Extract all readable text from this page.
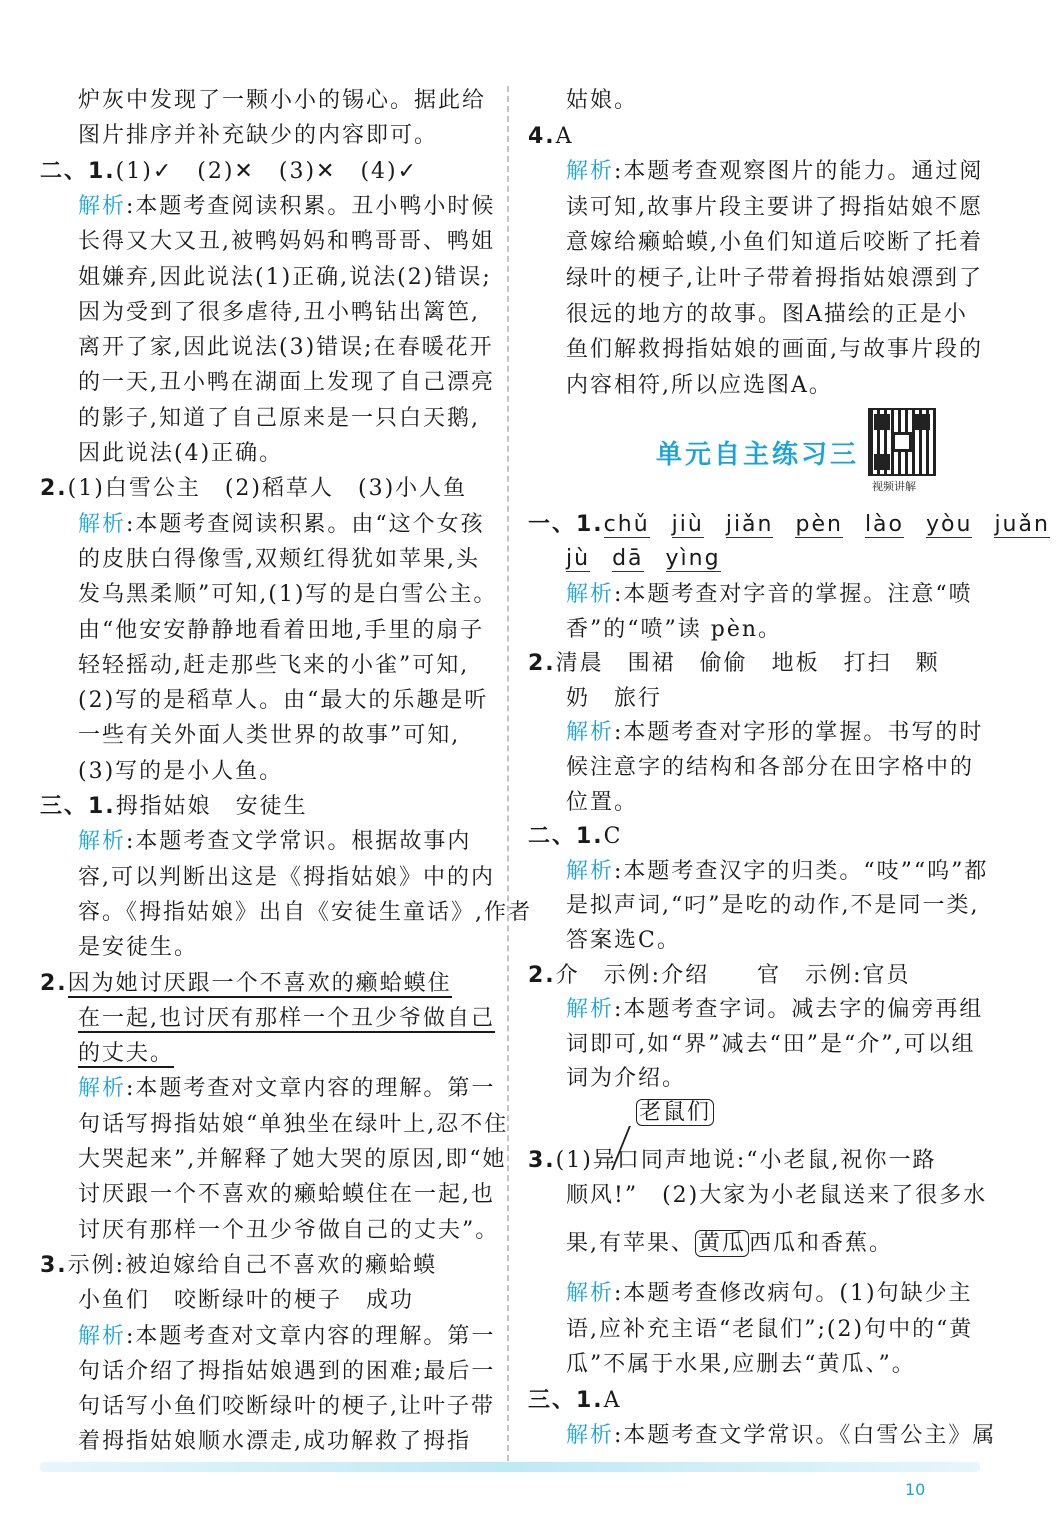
炉灰中发现了一颗小小的锡心。据此给
图片排序并补充缺少的内容即可。
二、1.(1)✓　(2)✕　(3)✕　(4)✓
解析:本题考查阅读积累。丑小鸭小时候
长得又大又丑,被鸭妈妈和鸭哥哥、鸭姐
姐嫌弃,因此说法(1)正确,说法(2)错误;
因为受到了很多虐待,丑小鸭钻出篱笆,
离开了家,因此说法(3)错误;在春暖花开
的一天,丑小鸭在湖面上发现了自己漂亮
的影子,知道了自己原来是一只白天鹅,
因此说法(4)正确。
2.(1)白雪公主　(2)稻草人　(3)小人鱼
解析:本题考查阅读积累。由“这个女孩
的皮肤白得像雪,双颊红得犹如苹果,头
发乌黑柔顺”可知,(1)写的是白雪公主。
由“他安安静静地看着田地,手里的扇子
轻轻摇动,赶走那些飞来的小雀”可知,
(2)写的是稻草人。由“最大的乐趣是听
一些有关外面人类世界的故事”可知,
(3)写的是小人鱼。
三、1.拇指姑娘　安徒生
解析:本题考查文学常识。根据故事内
容,可以判断出这是《拇指姑娘》中的内
容。《拇指姑娘》出自《安徒生童话》,作者
是安徒生。
2.因为她讨厌跟一个不喜欢的癞蛤蟆住
在一起,也讨厌有那样一个丑少爷做自己
的丈夫。
解析:本题考查对文章内容的理解。第一
句话写拇指姑娘“单独坐在绿叶上,忍不住
大哭起来”,并解释了她大哭的原因,即“她
讨厌跟一个不喜欢的癞蛤蟆住在一起,也
讨厌有那样一个丑少爷做自己的丈夫”。
3.示例:被迫嫁给自己不喜欢的癞蛤蟆
小鱼们　咬断绿叶的梗子　成功
解析:本题考查对文章内容的理解。第一
句话介绍了拇指姑娘遇到的困难;最后一
句话写小鱼们咬断绿叶的梗子,让叶子带
着拇指姑娘顺水漂走,成功解救了拇指
姑娘。
4.A
解析:本题考查观察图片的能力。通过阅
读可知,故事片段主要讲了拇指姑娘不愿
意嫁给癞蛤蟆,小鱼们知道后咬断了托着
绿叶的梗子,让叶子带着拇指姑娘漂到了
很远的地方的故事。图A描绘的正是小
鱼们解救拇指姑娘的画面,与故事片段的
内容相符,所以应选图A。
单元自主练习三
视频讲解
一、1.chǔ jiù jiǎn pèn lào yòu juǎn
jù dā yìng
解析:本题考查对字音的掌握。注意“喷
香”的“喷”读 pèn。
2.清晨　围裙　偷偷　地板　打扫　颗
奶　旅行
解析:本题考查对字形的掌握。书写的时
候注意字的结构和各部分在田字格中的
位置。
二、1.C
解析:本题考查汉字的归类。“吱”“呜”都
是拟声词,“叼”是吃的动作,不是同一类,
答案选C。
2.介　示例:介绍　　官　示例:官员
解析:本题考查字词。减去字的偏旁再组
词即可,如“界”减去“田”是“介”,可以组
词为介绍。
老鼠们
3.(1)异口同声地说:“小老鼠,祝你一路
顺风!”　(2)大家为小老鼠送来了很多水
果,有苹果、 黄瓜 西瓜和香蕉。
解析:本题考查修改病句。(1)句缺少主
语,应补充主语“老鼠们”;(2)句中的“黄
瓜”不属于水果,应删去“黄瓜、”。
三、1.A
解析:本题考查文学常识。《白雪公主》属
10
